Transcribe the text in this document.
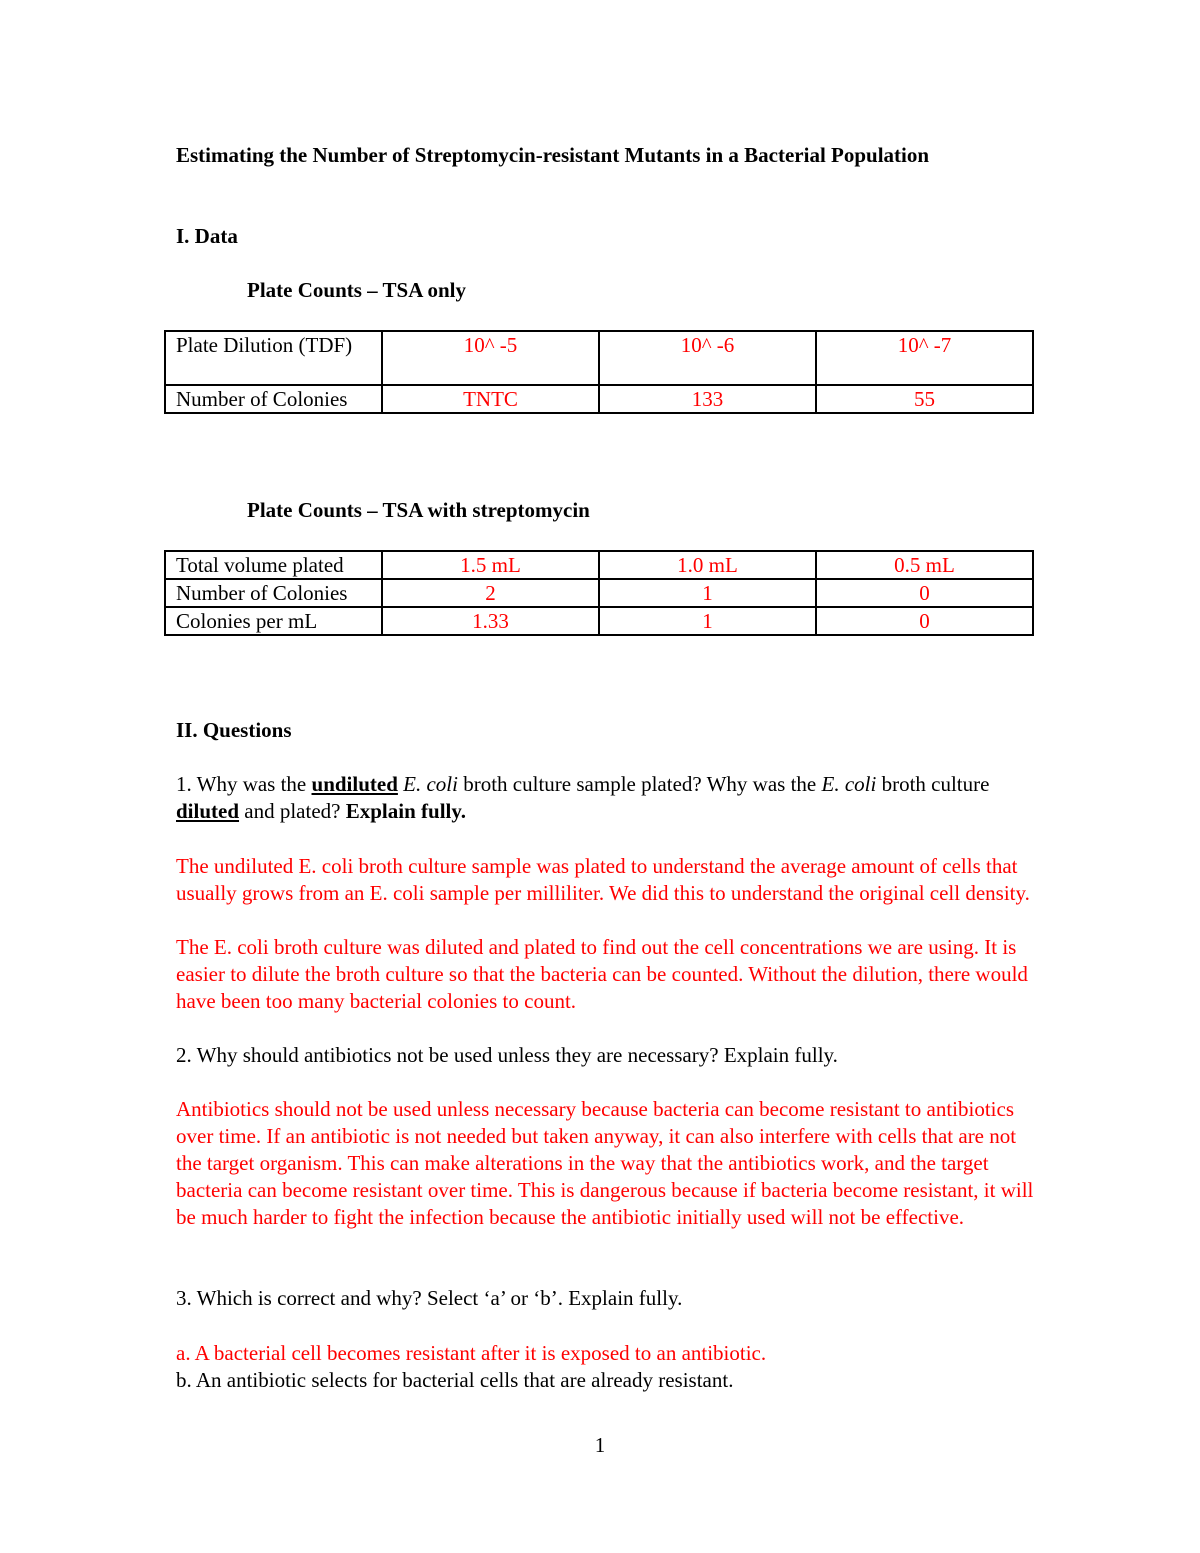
Estimating the Number of Streptomycin-resistant Mutants in a Bacterial Population

I. Data

Plate Counts – TSA only

Plate Dilution (TDF)	10^ -5	10^ -6	10^ -7
Number of Colonies	TNTC	133	55

Plate Counts – TSA with streptomycin

Total volume plated	1.5 mL	1.0 mL	0.5 mL
Number of Colonies	2	1	0
Colonies per mL	1.33	1	0

II. Questions

1. Why was the undiluted E. coli broth culture sample plated? Why was the E. coli broth culture diluted and plated? Explain fully.

The undiluted E. coli broth culture sample was plated to understand the average amount of cells that usually grows from an E. coli sample per milliliter. We did this to understand the original cell density.

The E. coli broth culture was diluted and plated to find out the cell concentrations we are using. It is easier to dilute the broth culture so that the bacteria can be counted. Without the dilution, there would have been too many bacterial colonies to count.

2. Why should antibiotics not be used unless they are necessary? Explain fully.

Antibiotics should not be used unless necessary because bacteria can become resistant to antibiotics over time. If an antibiotic is not needed but taken anyway, it can also interfere with cells that are not the target organism. This can make alterations in the way that the antibiotics work, and the target bacteria can become resistant over time. This is dangerous because if bacteria become resistant, it will be much harder to fight the infection because the antibiotic initially used will not be effective.

3. Which is correct and why? Select ‘a’ or ‘b’. Explain fully.

a. A bacterial cell becomes resistant after it is exposed to an antibiotic.

b. An antibiotic selects for bacterial cells that are already resistant.

1
